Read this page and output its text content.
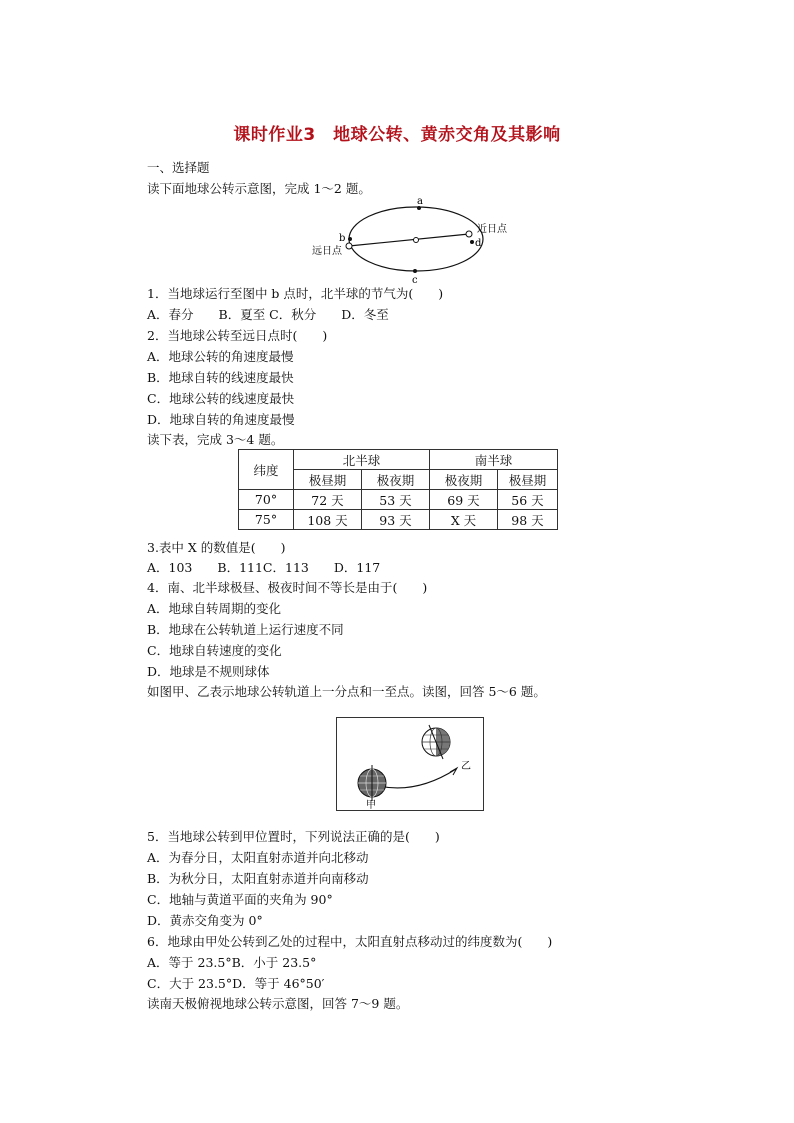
课时作业3　地球公转、黄赤交角及其影响
一、选择题
读下面地球公转示意图，完成 1～2 题。
a
b
c
d
近日点
远日点
1．当地球运行至图中 b 点时，北半球的节气为(　　)
A．春分　　B．夏至 C．秋分　　D．冬至
2．当地球公转至远日点时(　　)
A．地球公转的角速度最慢
B．地球自转的线速度最快
C．地球公转的线速度最快
D．地球自转的角速度最慢
读下表，完成 3～4 题。
纬度	北半球		南半球	
	极昼期	极夜期	极夜期	极昼期
70°	72 天	53 天	69 天	56 天
75°	108 天	93 天	X 天	98 天
3.表中 X 的数值是(　　)
A．103　　B．111C．113　　D．117
4．南、北半球极昼、极夜时间不等长是由于(　　)
A．地球自转周期的变化
B．地球在公转轨道上运行速度不同
C．地球自转速度的变化
D．地球是不规则球体
如图甲、乙表示地球公转轨道上一分点和一至点。读图，回答 5～6 题。
甲
乙
5．当地球公转到甲位置时，下列说法正确的是(　　)
A．为春分日，太阳直射赤道并向北移动
B．为秋分日，太阳直射赤道并向南移动
C．地轴与黄道平面的夹角为 90°
D．黄赤交角变为 0°
6．地球由甲处公转到乙处的过程中，太阳直射点移动过的纬度数为(　　)
A．等于 23.5°B．小于 23.5°
C．大于 23.5°D．等于 46°50′
读南天极俯视地球公转示意图，回答 7～9 题。
